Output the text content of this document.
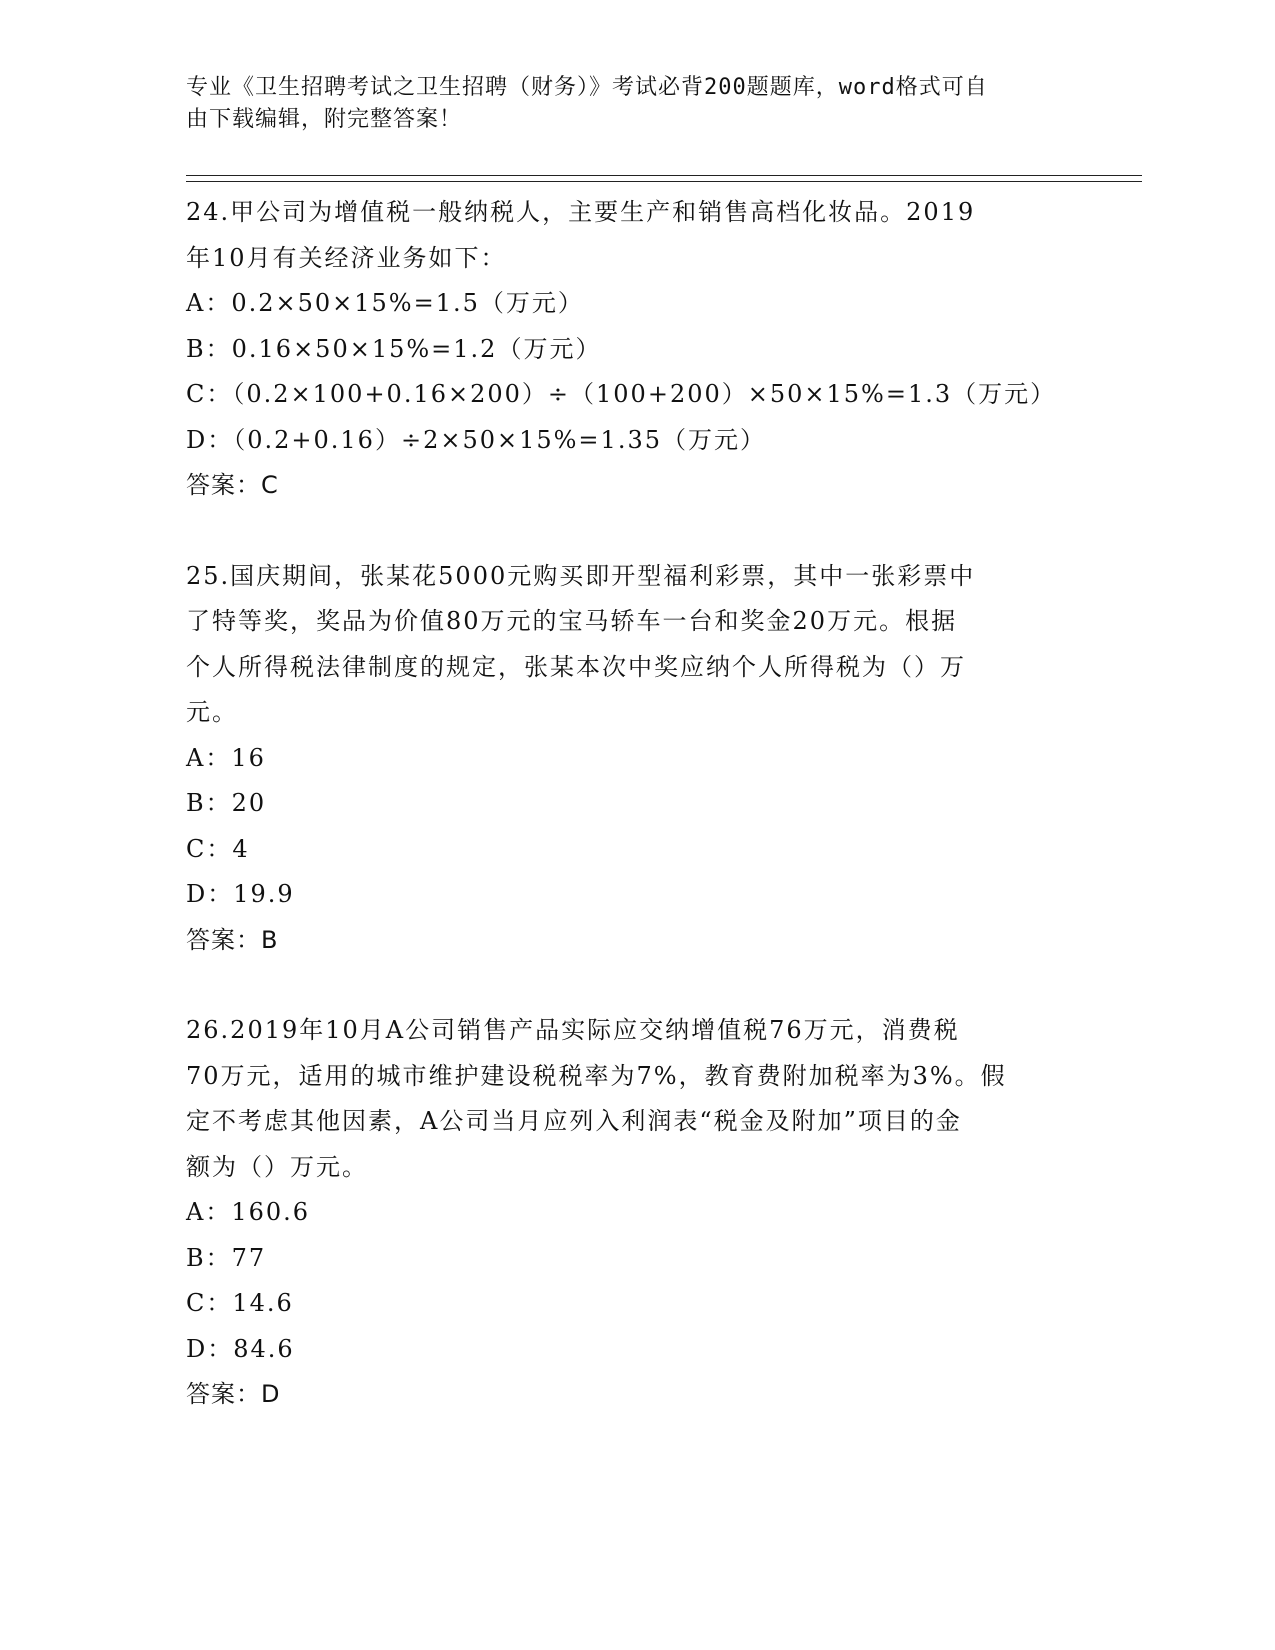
专业《卫生招聘考试之卫生招聘（财务）》考试必背200题题库，word格式可自
由下载编辑，附完整答案！
24.甲公司为增值税一般纳税人，主要生产和销售高档化妆品。2019
年10月有关经济业务如下：
A：0.2×50×15%=1.5（万元）
B：0.16×50×15%=1.2（万元）
C：（0.2×100+0.16×200）÷（100+200）×50×15%=1.3（万元）
D：（0.2+0.16）÷2×50×15%=1.35（万元）
答案：C
25.国庆期间，张某花5000元购买即开型福利彩票，其中一张彩票中
了特等奖，奖品为价值80万元的宝马轿车一台和奖金20万元。根据
个人所得税法律制度的规定，张某本次中奖应纳个人所得税为（）万
元。
A：16
B：20
C：4
D：19.9
答案：B
26.2019年10月A公司销售产品实际应交纳增值税76万元，消费税
70万元，适用的城市维护建设税税率为7%，教育费附加税率为3%。假
定不考虑其他因素，A公司当月应列入利润表“税金及附加”项目的金
额为（）万元。
A：160.6
B：77
C：14.6
D：84.6
答案：D
